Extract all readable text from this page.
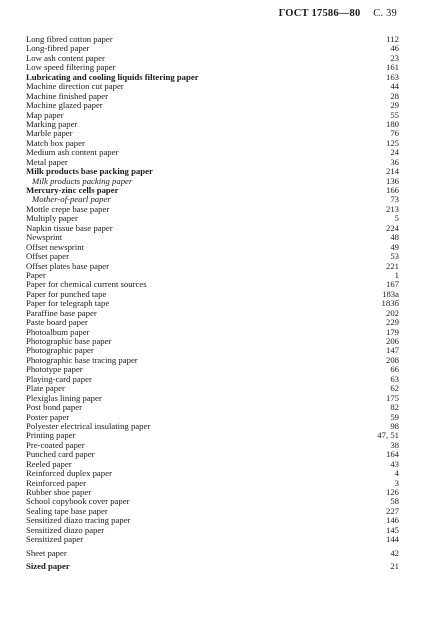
ГОСТ 17586—80 С. 39
Long fibred cotton paper	112
Long-fibred paper	46
Low ash content paper	23
Low speed filtering paper	161
Lubricating and cooling liquids filtering paper	163
Machine direction cut paper	44
Machine finished paper	28
Machine glazed paper	29
Map paper	55
Marking paper	180
Marble paper	76
Match box paper	125
Medium ash content paper	24
Metal paper	36
Milk products base packing paper	214
Milk products packing paper	136
Mercury-zinc cells paper	166
Mother-of-pearl paper	73
Mottle crepe base paper	213
Multiply paper	5
Napkin tissue base paper	224
Newsprint	48
Offset newsprint	49
Offset paper	53
Offset plates base paper	221
Paper	1
Paper for chemical current sources	167
Paper for punched tape	183a
Paper for telegraph tape	183б
Paraffine base paper	202
Paste board paper	229
Photoalbum paper	179
Photographic base paper	206
Photographic paper	147
Photographic base tracing paper	208
Phototype paper	66
Playing-card paper	63
Plate paper	62
Plexiglas lining paper	175
Post bond paper	82
Poster paper	59
Polyester electrical insulating paper	98
Printing paper	47, 51
Pre-coated paper	38
Punched card paper	164
Reeled paper	43
Reinforced duplex paper	4
Reinforced paper	3
Rubber shoe paper	126
School copybook cover paper	58
Sealing tape base paper	227
Sensitized diazo tracing paper	146
Sensitized diazo paper	145
Sensitized paper	144
Sheet paper	42
Sized paper	21
